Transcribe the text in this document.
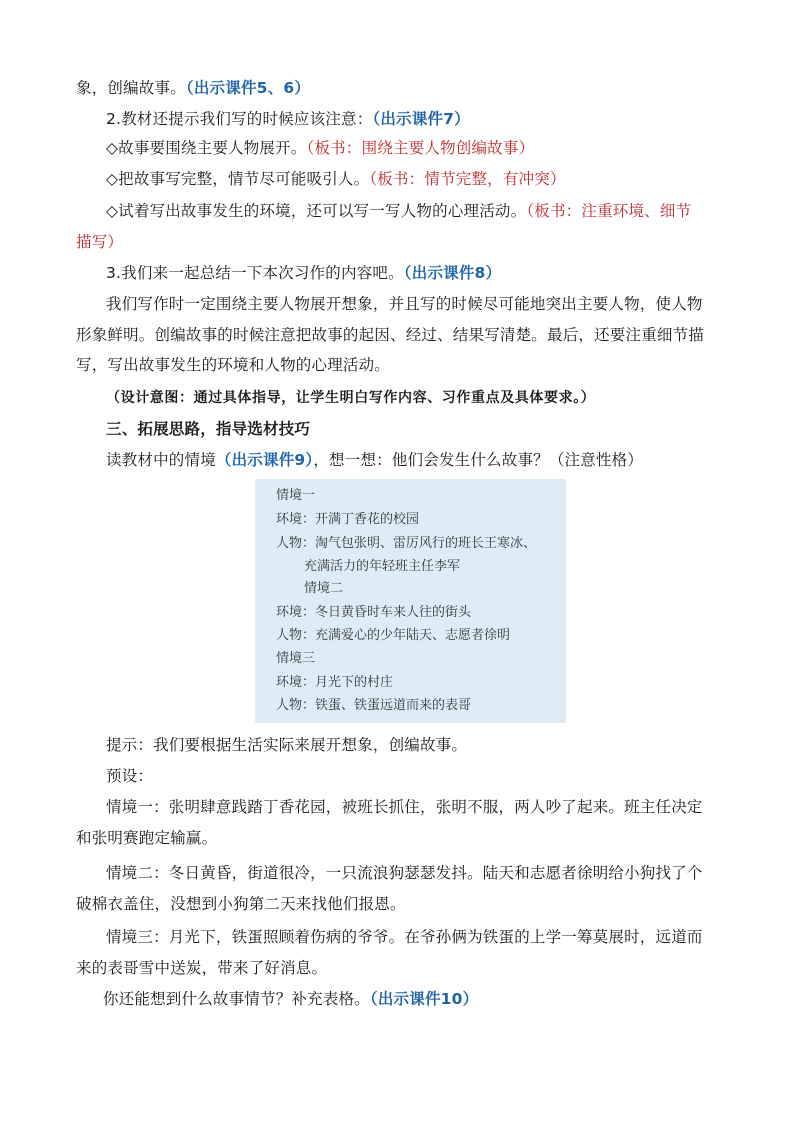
象，创编故事。（出示课件5、6）
2.教材还提示我们写的时候应该注意：（出示课件7）
◇故事要围绕主要人物展开。（板书：围绕主要人物创编故事）
◇把故事写完整，情节尽可能吸引人。（板书：情节完整，有冲突）
◇试着写出故事发生的环境，还可以写一写人物的心理活动。（板书：注重环境、细节
描写）
3.我们来一起总结一下本次习作的内容吧。（出示课件8）
我们写作时一定围绕主要人物展开想象，并且写的时候尽可能地突出主要人物，使人物
形象鲜明。创编故事的时候注意把故事的起因、经过、结果写清楚。最后，还要注重细节描
写，写出故事发生的环境和人物的心理活动。
（设计意图：通过具体指导，让学生明白写作内容、习作重点及具体要求。）
三、拓展思路，指导选材技巧
读教材中的情境（出示课件9），想一想：他们会发生什么故事？（注意性格）
情境一
环境：开满丁香花的校园
人物：淘气包张明、雷厉风行的班长王寒冰、
充满活力的年轻班主任李军
情境二
环境：冬日黄昏时车来人往的街头
人物：充满爱心的少年陆天、志愿者徐明
情境三
环境：月光下的村庄
人物：铁蛋、铁蛋远道而来的表哥
提示：我们要根据生活实际来展开想象，创编故事。
预设：
情境一：张明肆意践踏丁香花园，被班长抓住，张明不服，两人吵了起来。班主任决定
和张明赛跑定输赢。
情境二：冬日黄昏，街道很冷，一只流浪狗瑟瑟发抖。陆天和志愿者徐明给小狗找了个
破棉衣盖住，没想到小狗第二天来找他们报恩。
情境三：月光下，铁蛋照顾着伤病的爷爷。在爷孙俩为铁蛋的上学一筹莫展时，远道而
来的表哥雪中送炭，带来了好消息。
你还能想到什么故事情节？补充表格。（出示课件10）
